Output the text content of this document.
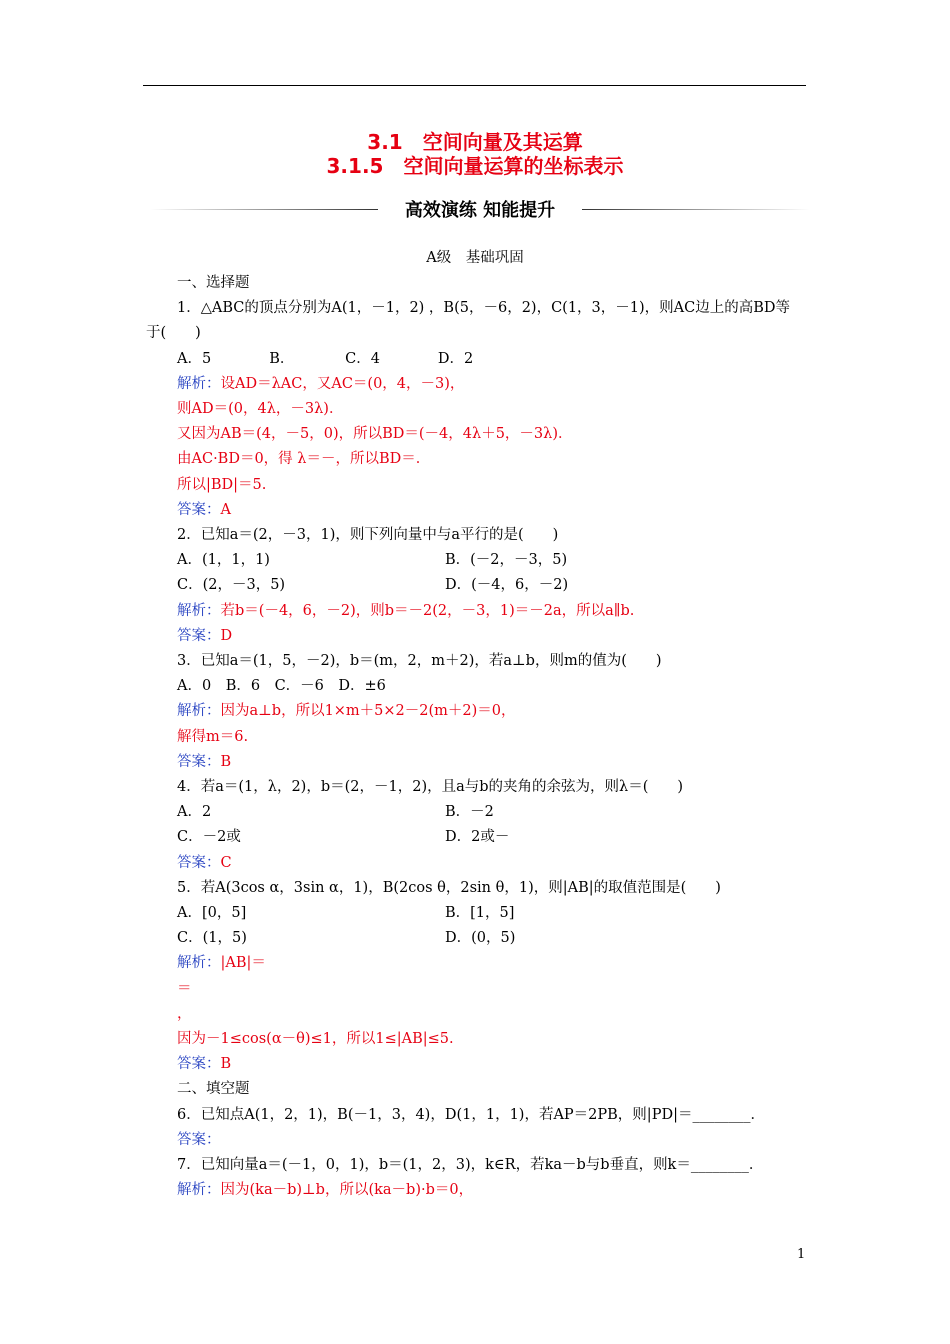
3.1　空间向量及其运算
3.1.5　空间向量运算的坐标表示
高效演练 知能提升
A级　基础巩固
一、选择题
1．△ABC的顶点分别为A(1，－1，2) ，B(5，－6，2)，C(1，3，－1)，则AC边上的高BD等
于(　　)
A．5　　　　B．　　　　C．4　　　　D．2
解析：设AD＝λAC，又AC＝(0，4，－3)，
则AD＝(0，4λ，－3λ)．
又因为AB＝(4，－5，0)，所以BD＝(－4，4λ＋5，－3λ)．
由AC·BD＝0，得 λ＝－，所以BD＝．
所以|BD|＝5.
答案：A
2．已知a＝(2，－3，1)，则下列向量中与a平行的是(　　)
A．(1，1，1)	B．(－2，－3，5)
C．(2，－3，5)	D．(－4，6，－2)
解析：若b＝(－4，6，－2)，则b＝－2(2，－3，1)＝－2a，所以a∥b.
答案：D
3．已知a＝(1，5，－2)，b＝(m，2，m＋2)，若a⊥b，则m的值为(　　)
A．0　B．6　C．－6　D．±6
解析：因为a⊥b，所以1×m＋5×2－2(m＋2)＝0，
解得m＝6.
答案：B
4．若a＝(1，λ，2)，b＝(2，－1，2)，且a与b的夹角的余弦为，则λ＝(　　)
A．2	B．－2
C．－2或	D．2或－
答案：C
5．若A(3cos α，3sin α，1)，B(2cos θ，2sin θ，1)，则|AB|的取值范围是(　　)
A．[0，5]	B．[1，5]
C．(1，5)	D．(0，5)
解析：|AB|＝
＝
，
因为－1≤cos(α－θ)≤1，所以1≤|AB|≤5.
答案：B
二、填空题
6．已知点A(1，2，1)，B(－1，3，4)，D(1，1，1)，若AP＝2PB，则|PD|＝________．
答案：
7．已知向量a＝(－1，0，1)，b＝(1，2，3)，k∈R，若ka－b与b垂直，则k＝________．
解析：因为(ka－b)⊥b，所以(ka－b)·b＝0，
1
